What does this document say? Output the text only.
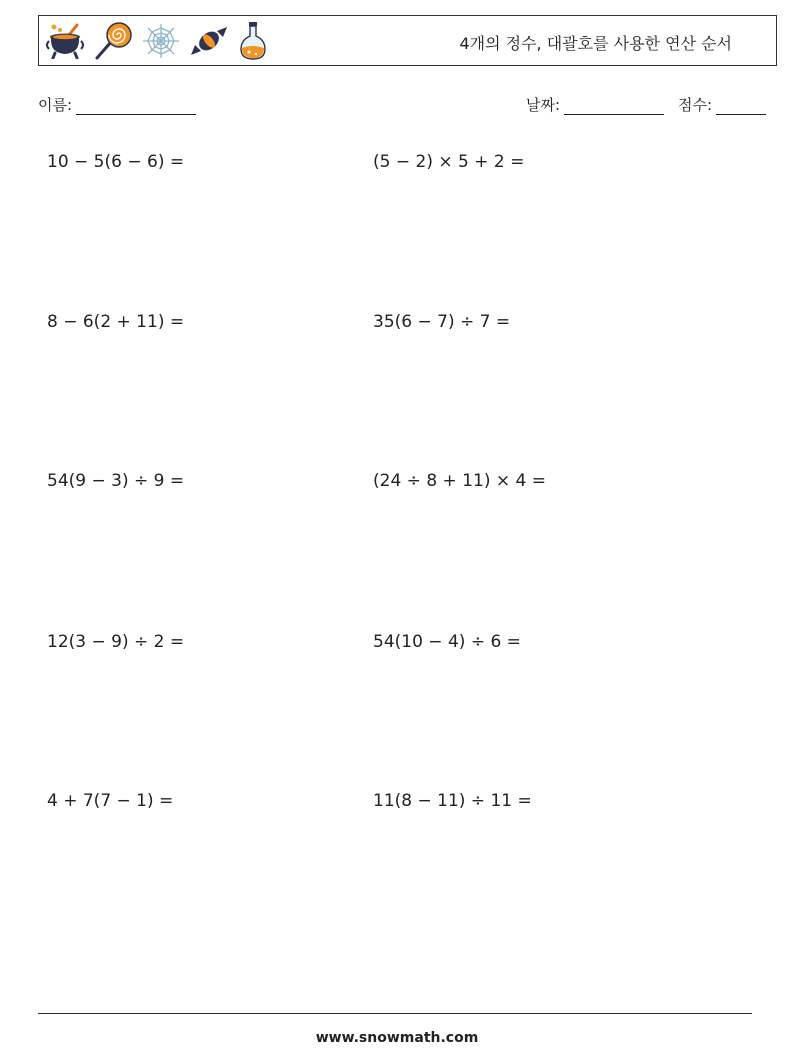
4개의 정수, 대괄호를 사용한 연산 순서
이름:	날짜:	점수:
10 − 5(6 − 6) =	(5 − 2) × 5 + 2 =
8 − 6(2 + 11) =	35(6 − 7) ÷ 7 =
54(9 − 3) ÷ 9 =	(24 ÷ 8 + 11) × 4 =
12(3 − 9) ÷ 2 =	54(10 − 4) ÷ 6 =
4 + 7(7 − 1) =	11(8 − 11) ÷ 11 =
www.snowmath.com
